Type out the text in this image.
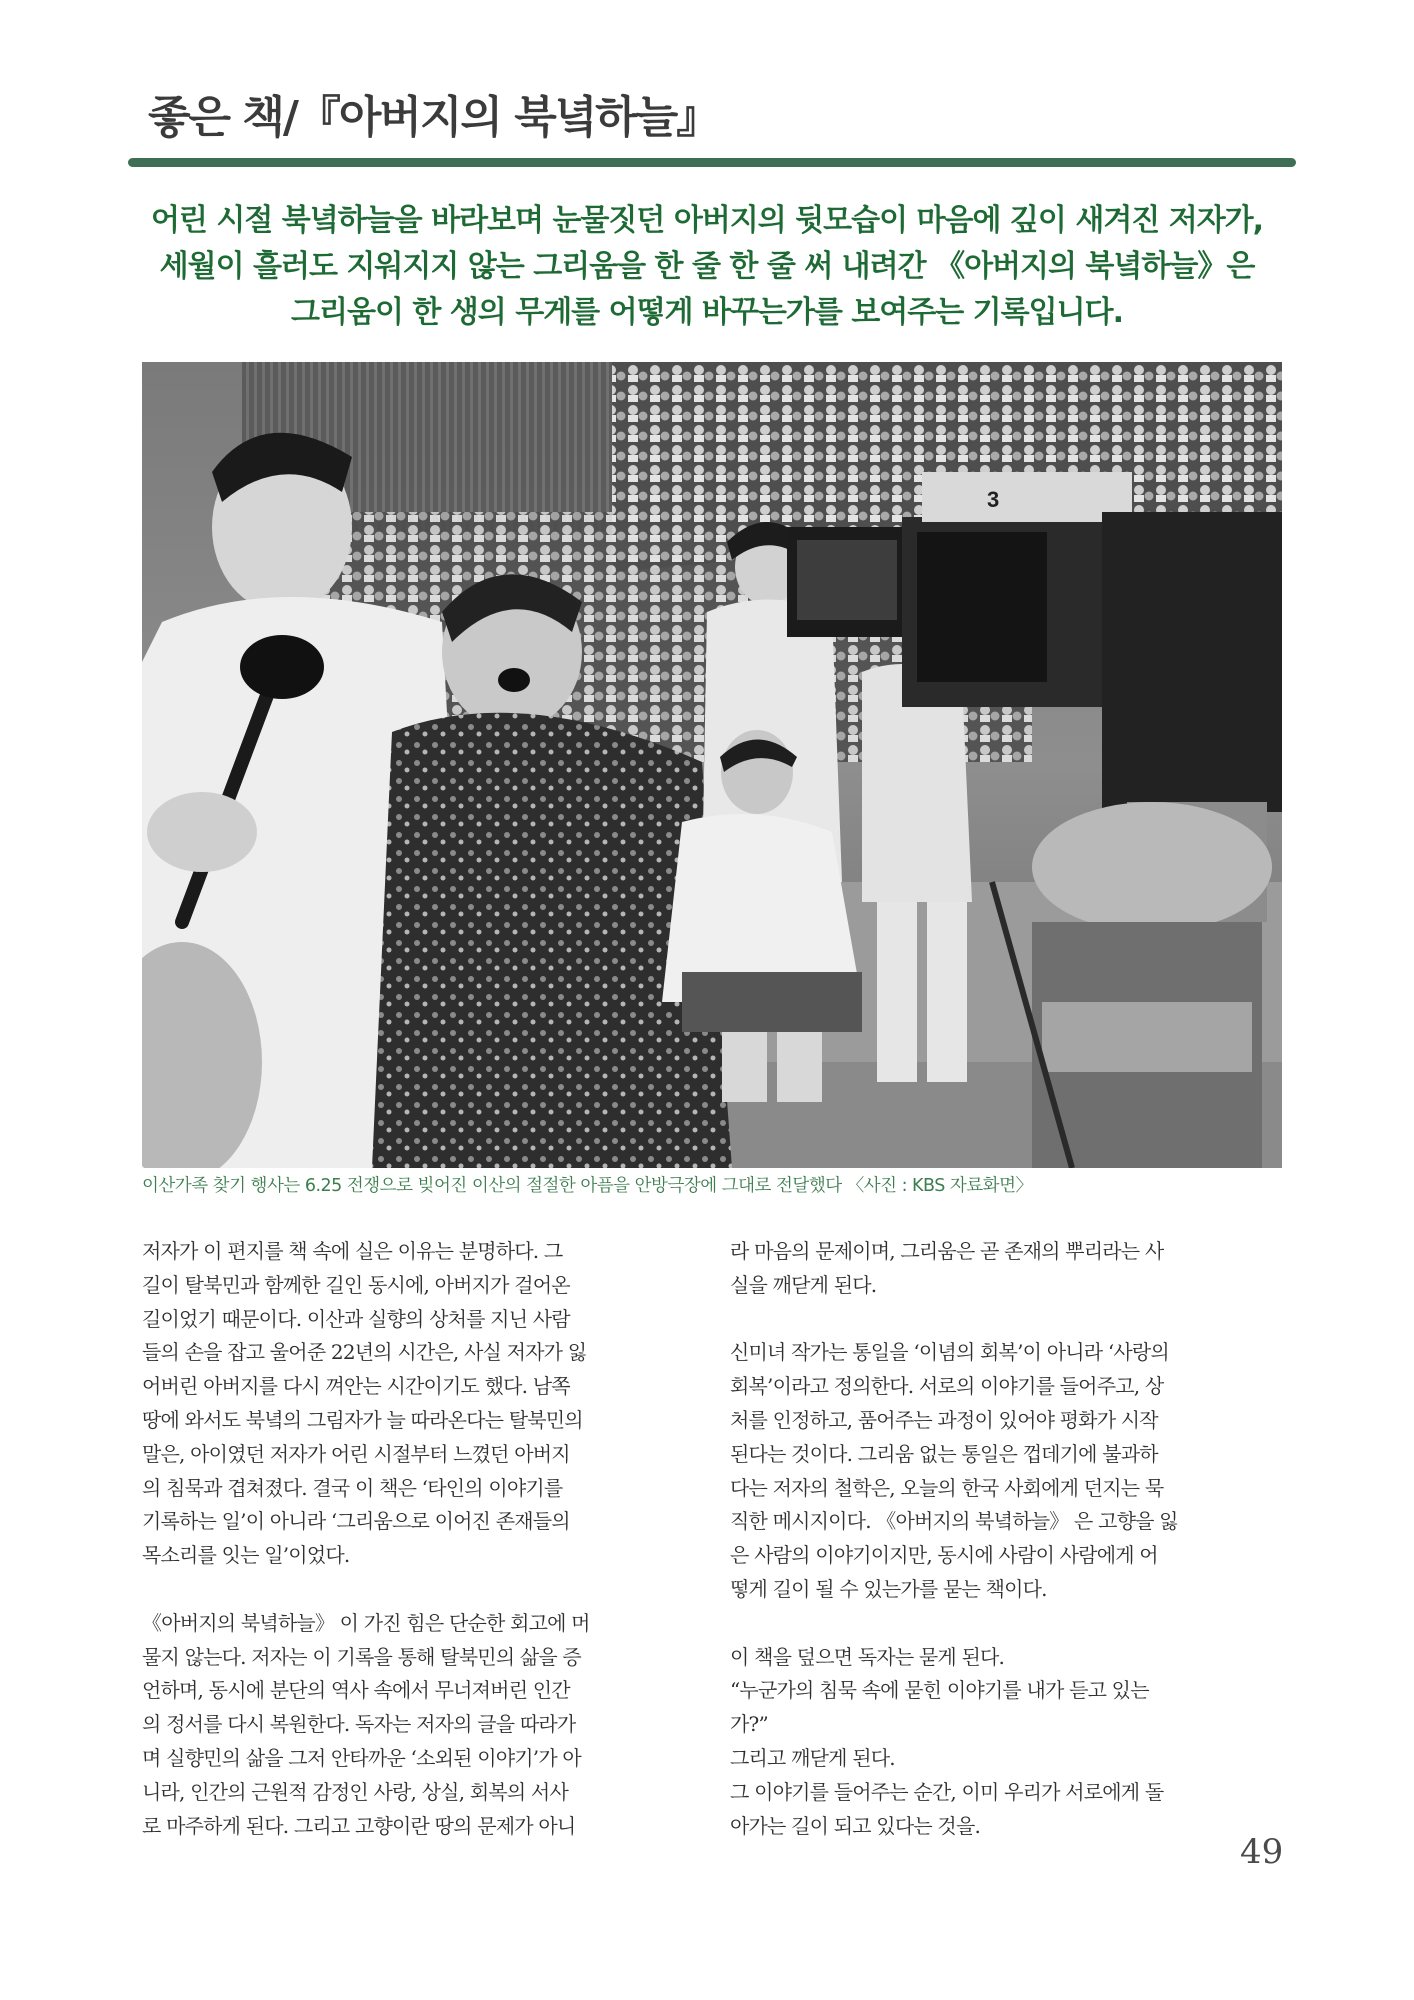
좋은 책/『아버지의 북녘하늘』
어린 시절 북녘하늘을 바라보며 눈물짓던 아버지의 뒷모습이 마음에 깊이 새겨진 저자가,
세월이 흘러도 지워지지 않는 그리움을 한 줄 한 줄 써 내려간 《아버지의 북녘하늘》은
그리움이 한 생의 무게를 어떻게 바꾸는가를 보여주는 기록입니다.
3

이산가족 찾기 행사는 6.25 전쟁으로 빚어진 이산의 절절한 아픔을 안방극장에 그대로 전달했다 〈사진 : KBS 자료화면〉

저자가 이 편지를 책 속에 실은 이유는 분명하다. 그
길이 탈북민과 함께한 길인 동시에, 아버지가 걸어온
길이었기 때문이다. 이산과 실향의 상처를 지닌 사람
들의 손을 잡고 울어준 22년의 시간은, 사실 저자가 잃
어버린 아버지를 다시 껴안는 시간이기도 했다. 남쪽
땅에 와서도 북녘의 그림자가 늘 따라온다는 탈북민의
말은, 아이였던 저자가 어린 시절부터 느꼈던 아버지
의 침묵과 겹쳐졌다. 결국 이 책은 ‘타인의 이야기를
기록하는 일’이 아니라 ‘그리움으로 이어진 존재들의
목소리를 잇는 일’이었다.

《아버지의 북녘하늘》 이 가진 힘은 단순한 회고에 머
물지 않는다. 저자는 이 기록을 통해 탈북민의 삶을 증
언하며, 동시에 분단의 역사 속에서 무너져버린 인간
의 정서를 다시 복원한다. 독자는 저자의 글을 따라가
며 실향민의 삶을 그저 안타까운 ‘소외된 이야기’가 아
니라, 인간의 근원적 감정인 사랑, 상실, 회복의 서사
로 마주하게 된다. 그리고 고향이란 땅의 문제가 아니

라 마음의 문제이며, 그리움은 곧 존재의 뿌리라는 사
실을 깨닫게 된다.

신미녀 작가는 통일을 ‘이념의 회복’이 아니라 ‘사랑의
회복’이라고 정의한다. 서로의 이야기를 들어주고, 상
처를 인정하고, 품어주는 과정이 있어야 평화가 시작
된다는 것이다. 그리움 없는 통일은 껍데기에 불과하
다는 저자의 철학은, 오늘의 한국 사회에게 던지는 묵
직한 메시지이다. 《아버지의 북녘하늘》 은 고향을 잃
은 사람의 이야기이지만, 동시에 사람이 사람에게 어
떻게 길이 될 수 있는가를 묻는 책이다.

이 책을 덮으면 독자는 묻게 된다.
“누군가의 침묵 속에 묻힌 이야기를 내가 듣고 있는
가?”
그리고 깨닫게 된다.
그 이야기를 들어주는 순간, 이미 우리가 서로에게 돌
아가는 길이 되고 있다는 것을.

49
